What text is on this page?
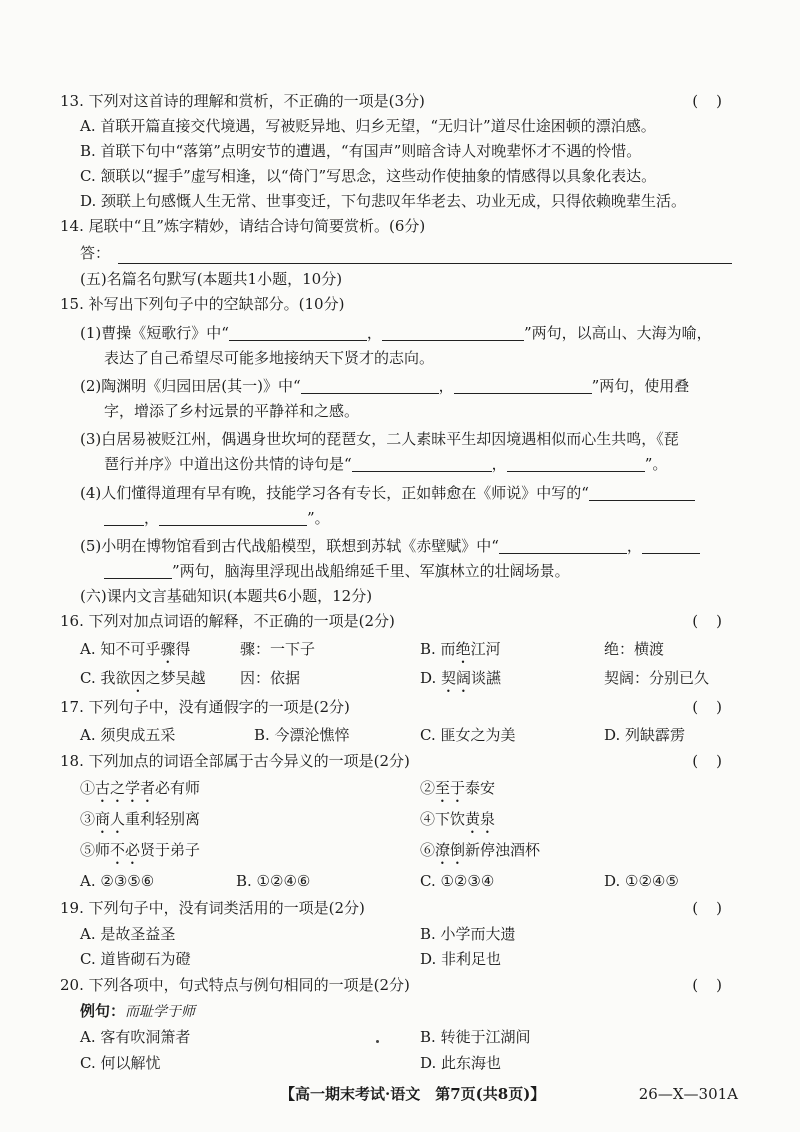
13. 下列对这首诗的理解和赏析，不正确的一项是(3分)	()
A. 首联开篇直接交代境遇，写被贬异地、归乡无望，“无归计”道尽仕途困顿的漂泊感。
B. 首联下句中“落第”点明安节的遭遇，“有国声”则暗含诗人对晚辈怀才不遇的怜惜。
C. 颔联以“握手”虚写相逢，以“倚门”写思念，这些动作使抽象的情感得以具象化表达。
D. 颈联上句感慨人生无常、世事变迁，下句悲叹年华老去、功业无成，只得依赖晚辈生活。
14. 尾联中“且”炼字精妙，请结合诗句简要赏析。(6分)
答：
(五)名篇名句默写(本题共1小题，10分)
15. 补写出下列句子中的空缺部分。(10分)
(1)曹操《短歌行》中“	，	”两句，以高山、大海为喻，
表达了自己希望尽可能多地接纳天下贤才的志向。
(2)陶渊明《归园田居(其一)》中“	，	”两句，使用叠
字，增添了乡村远景的平静祥和之感。
(3)白居易被贬江州，偶遇身世坎坷的琵琶女，二人素昧平生却因境遇相似而心生共鸣，《琵
琶行并序》中道出这份共情的诗句是“	，	”。
(4)人们懂得道理有早有晚，技能学习各有专长，正如韩愈在《师说》中写的“
，	”。
(5)小明在博物馆看到古代战船模型，联想到苏轼《赤壁赋》中“	，
”两句，脑海里浮现出战船绵延千里、军旗林立的壮阔场景。
(六)课内文言基础知识(本题共6小题，12分)
16. 下列对加点词语的解释，不正确的一项是(2分)	()
A. 知不可乎骤得	骤：一下子	B. 而绝江河	绝：横渡
C. 我欲因之梦吴越 因：依据	D. 契阔谈讌	契阔：分别已久
17. 下列句子中，没有通假字的一项是(2分)	()
A. 须臾成五采	B. 今漂沦憔悴	C. 匪女之为美	D. 列缺霹雳
18. 下列加点的词语全部属于古今异义的一项是(2分)	()
①古之学者必有师	②至于泰安
③商人重利轻别离	④下饮黄泉
⑤师不必贤于弟子	⑥潦倒新停浊酒杯
A. ②③⑤⑥	B. ①②④⑥	C. ①②③④	D. ①②④⑤
19. 下列句子中，没有词类活用的一项是(2分)	()
A. 是故圣益圣	B. 小学而大遗
C. 道皆砌石为磴	D. 非利足也
20. 下列各项中，句式特点与例句相同的一项是(2分)	()
例句：而耻学于师
A. 客有吹洞箫者	B. 转徙于江湖间
C. 何以解忧	D. 此东海也
【高一期末考试·语文　第7页(共8页)】	26—X—301A
